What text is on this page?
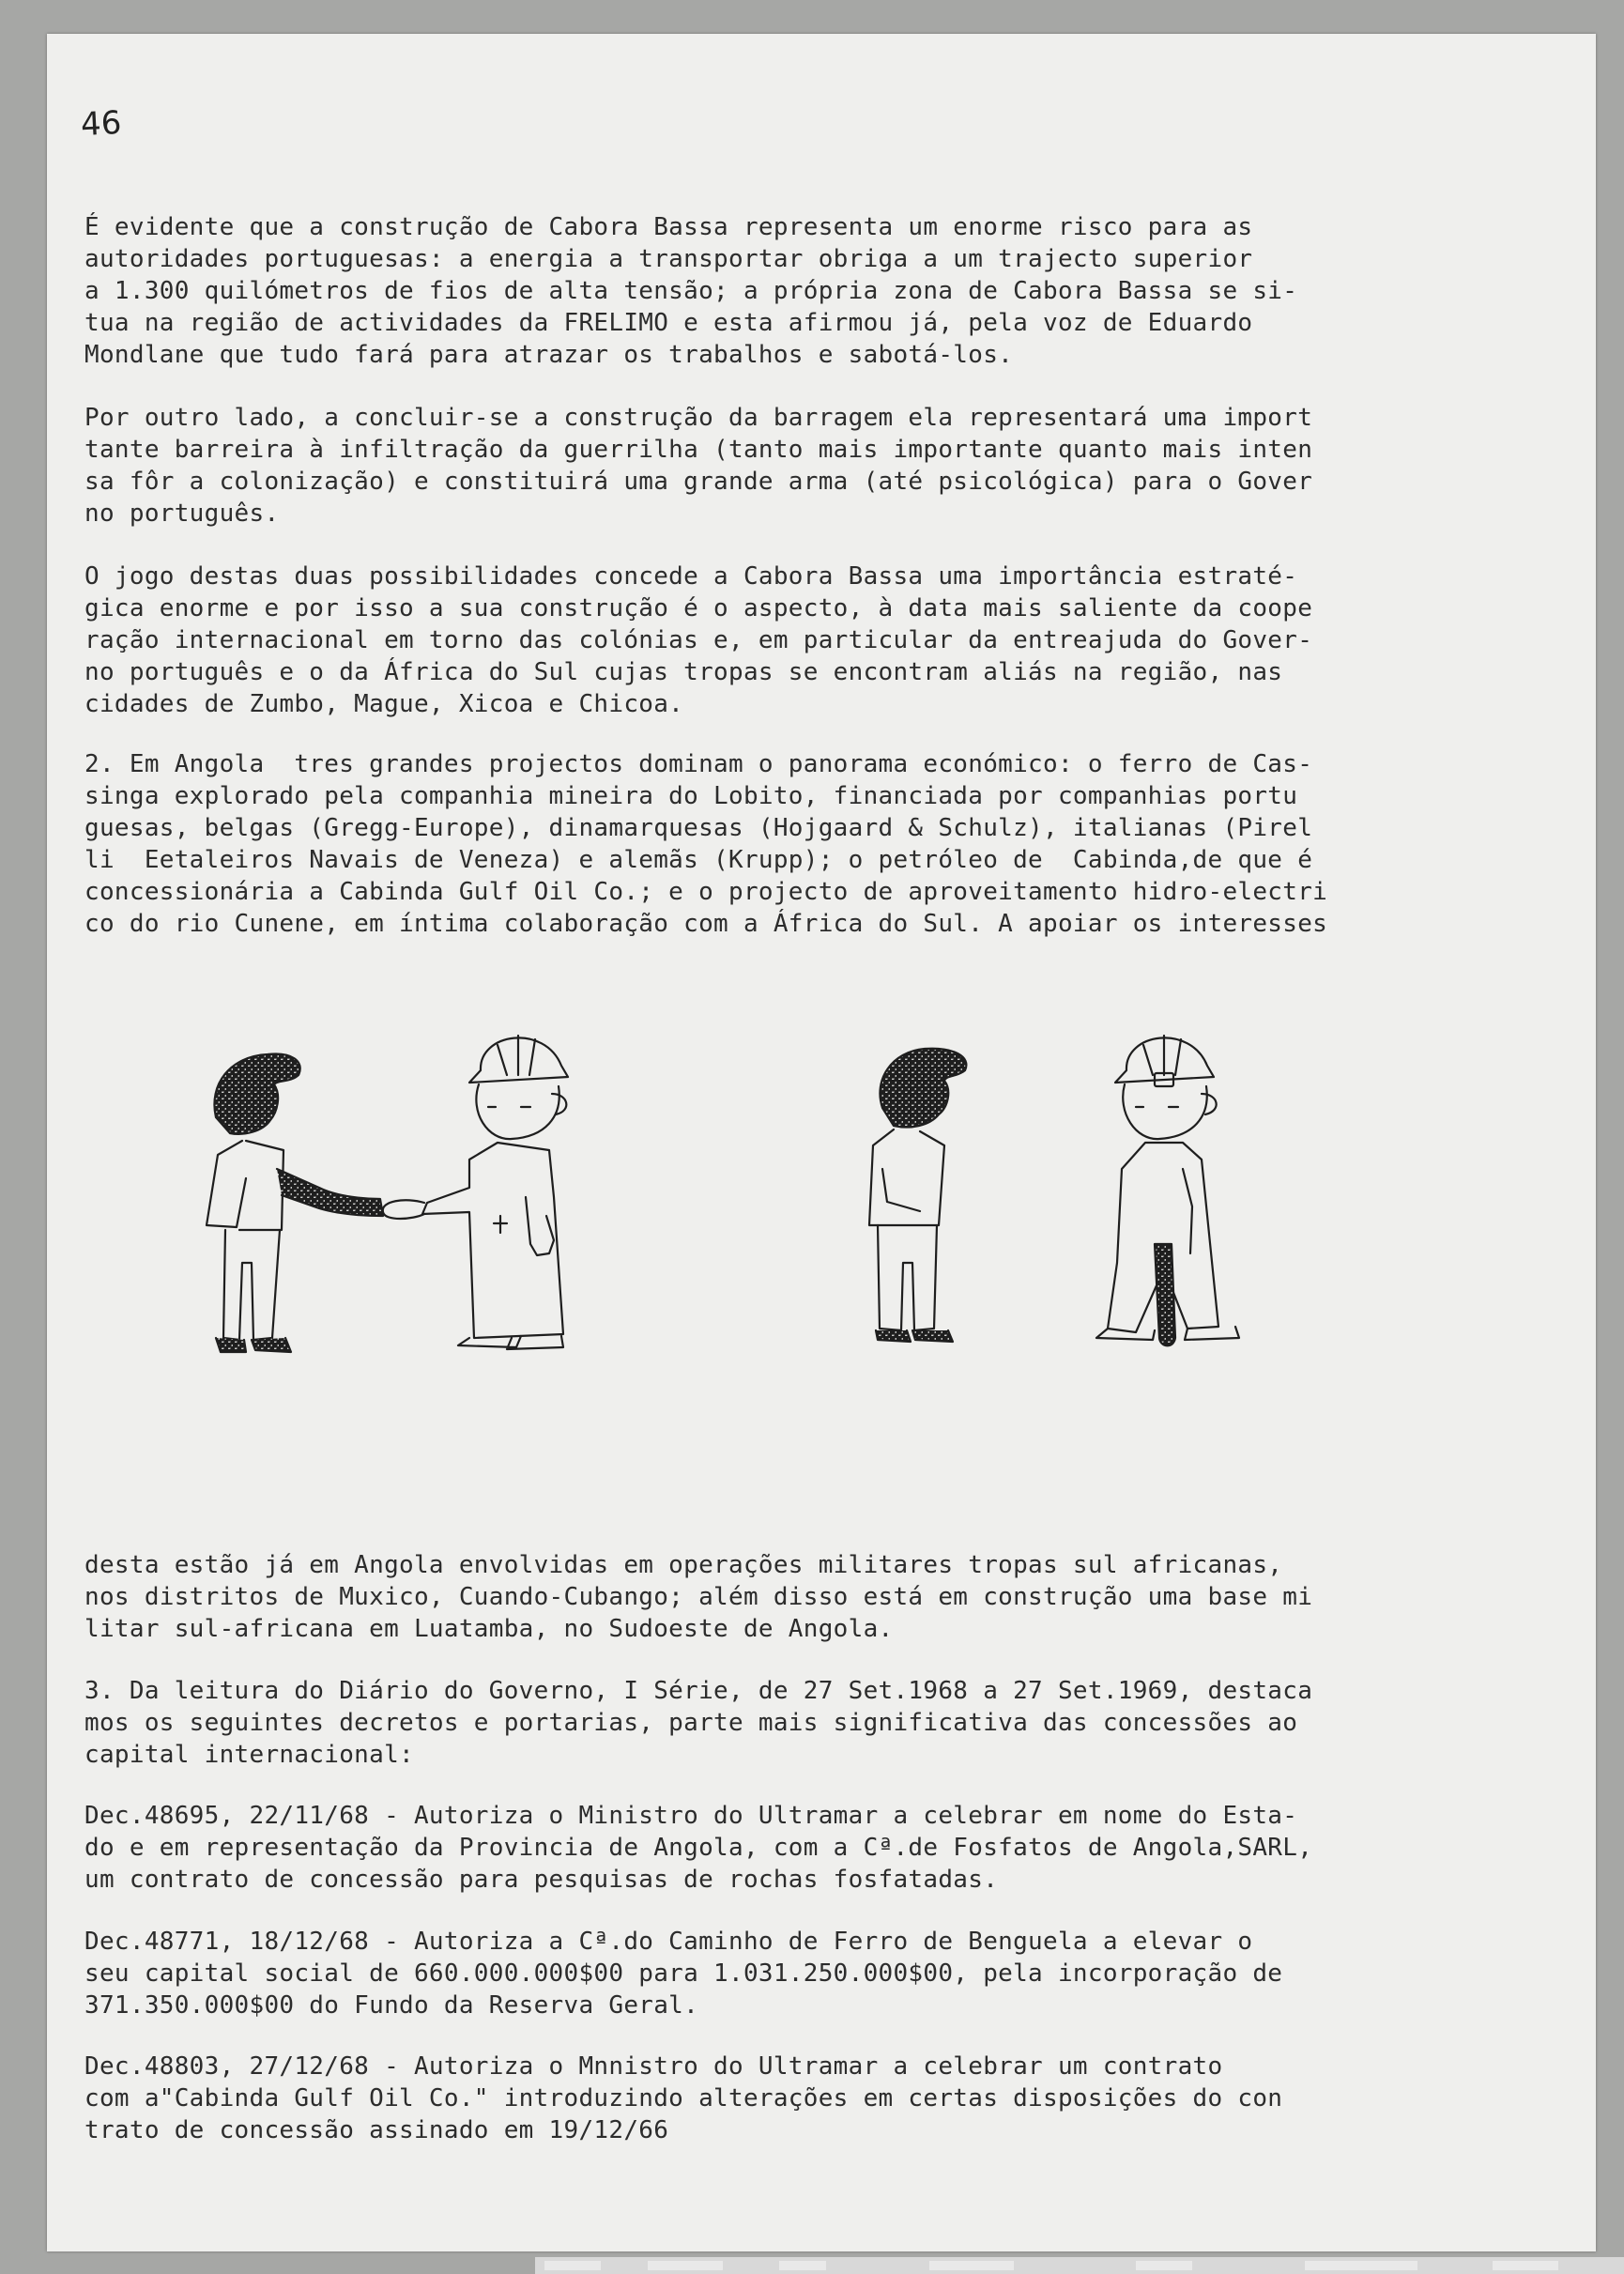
46
É evidente que a construção de Cabora Bassa representa um enorme risco para as
autoridades portuguesas: a energia a transportar obriga a um trajecto superior
a 1.300 quilómetros de fios de alta tensão; a própria zona de Cabora Bassa se si-
tua na região de actividades da FRELIMO e esta afirmou já, pela voz de Eduardo
Mondlane que tudo fará para atrazar os trabalhos e sabotá-los.
Por outro lado, a concluir-se a construção da barragem ela representará uma import
tante barreira à infiltração da guerrilha (tanto mais importante quanto mais inten
sa fôr a colonização) e constituirá uma grande arma (até psicológica) para o Gover
no português.
O jogo destas duas possibilidades concede a Cabora Bassa uma importância estraté-
gica enorme e por isso a sua construção é o aspecto, à data mais saliente da coope
ração internacional em torno das colónias e, em particular da entreajuda do Gover-
no português e o da África do Sul cujas tropas se encontram aliás na região, nas
cidades de Zumbo, Mague, Xicoa e Chicoa.
2. Em Angola  tres grandes projectos dominam o panorama económico: o ferro de Cas-
singa explorado pela companhia mineira do Lobito, financiada por companhias portu
guesas, belgas (Gregg-Europe), dinamarquesas (Hojgaard & Schulz), italianas (Pirel
li  Eetaleiros Navais de Veneza) e alemãs (Krupp); o petróleo de  Cabinda,de que é
concessionária a Cabinda Gulf Oil Co.; e o projecto de aproveitamento hidro-electri
co do rio Cunene, em íntima colaboração com a África do Sul. A apoiar os interesses
desta estão já em Angola envolvidas em operações militares tropas sul africanas,
nos distritos de Muxico, Cuando-Cubango; além disso está em construção uma base mi
litar sul-africana em Luatamba, no Sudoeste de Angola.
3. Da leitura do Diário do Governo, I Série, de 27 Set.1968 a 27 Set.1969, destaca
mos os seguintes decretos e portarias, parte mais significativa das concessões ao
capital internacional:
Dec.48695, 22/11/68 - Autoriza o Ministro do Ultramar a celebrar em nome do Esta-
do e em representação da Provincia de Angola, com a Cª.de Fosfatos de Angola,SARL,
um contrato de concessão para pesquisas de rochas fosfatadas.
Dec.48771, 18/12/68 - Autoriza a Cª.do Caminho de Ferro de Benguela a elevar o
seu capital social de 660.000.000$00 para 1.031.250.000$00, pela incorporação de
371.350.000$00 do Fundo da Reserva Geral.
Dec.48803, 27/12/68 - Autoriza o Mnnistro do Ultramar a celebrar um contrato
com a"Cabinda Gulf Oil Co." introduzindo alterações em certas disposições do con
trato de concessão assinado em 19/12/66
